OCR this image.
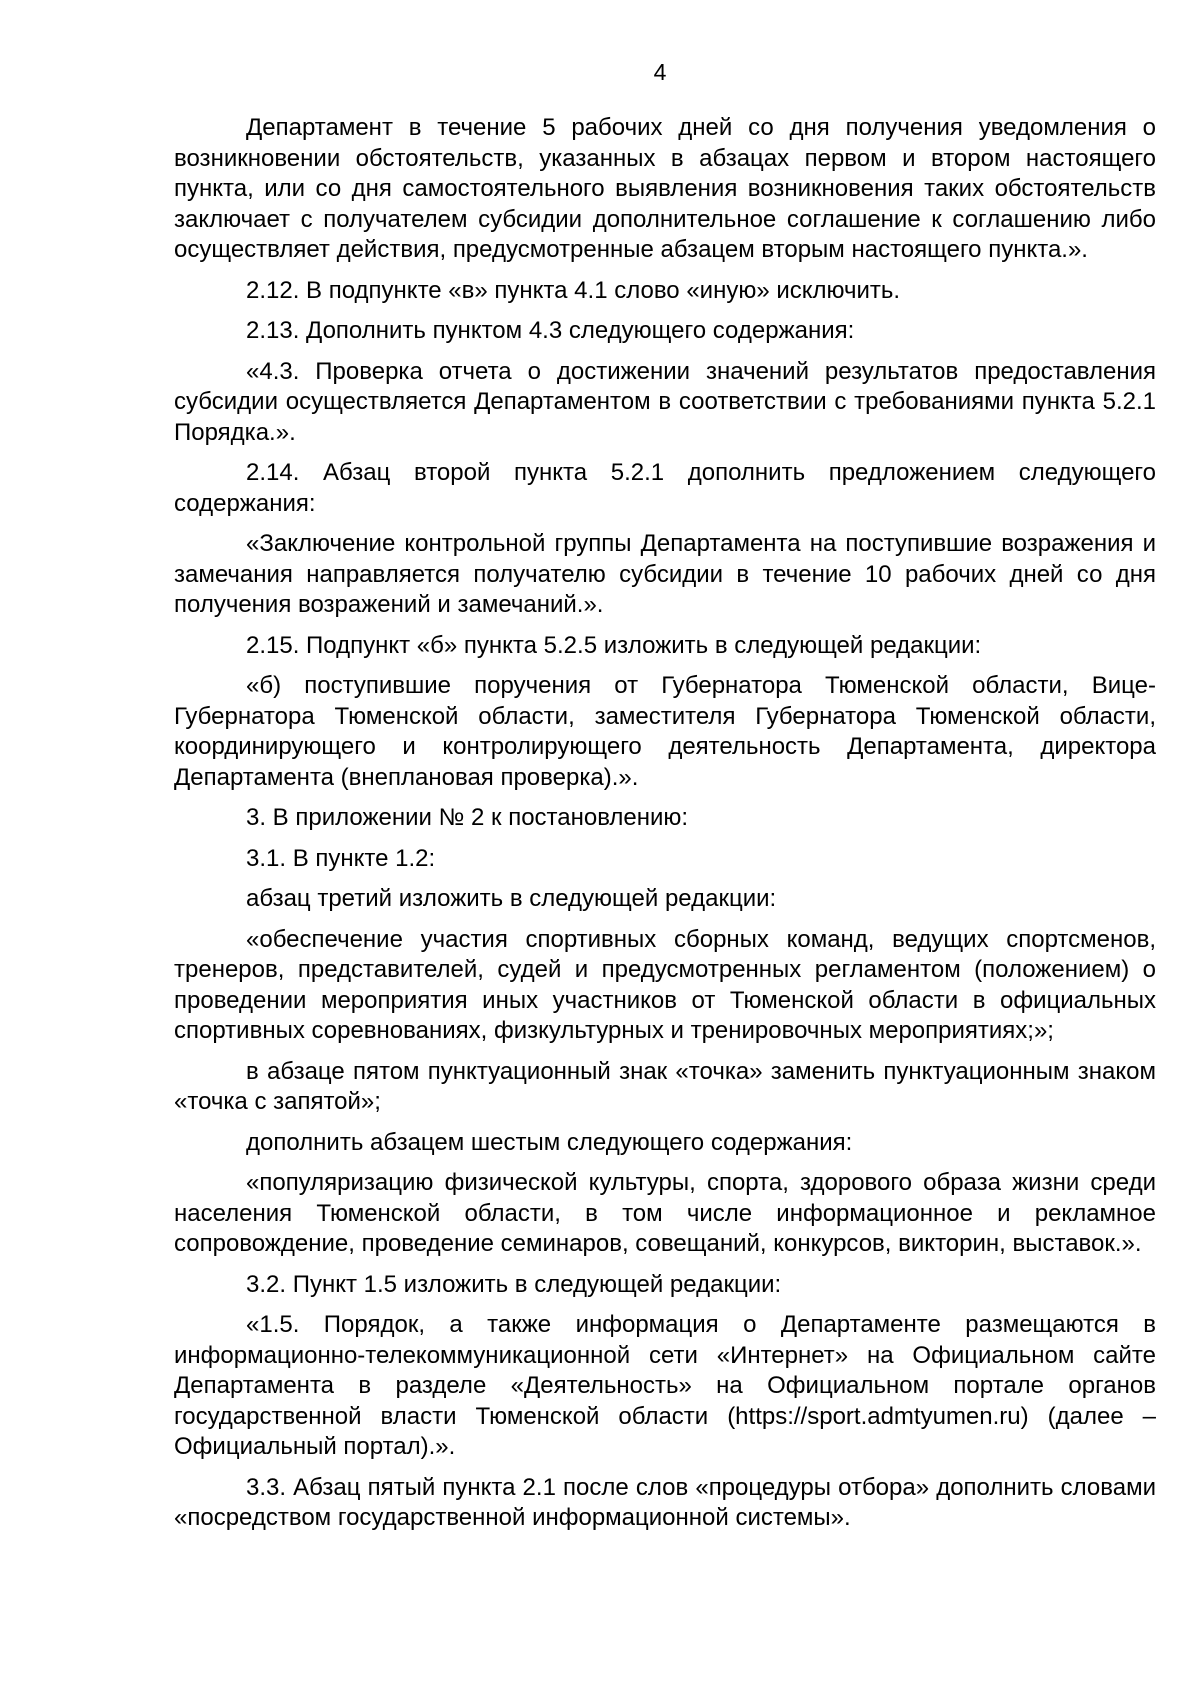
4

Департамент в течение 5 рабочих дней со дня получения уведомления о возникновении обстоятельств, указанных в абзацах первом и втором настоящего пункта, или со дня самостоятельного выявления возникновения таких обстоятельств заключает с получателем субсидии дополнительное соглашение к соглашению либо осуществляет действия, предусмотренные абзацем вторым настоящего пункта.».

2.12. В подпункте «в» пункта 4.1 слово «иную» исключить.

2.13. Дополнить пунктом 4.3 следующего содержания:

«4.3. Проверка отчета о достижении значений результатов предоставления субсидии осуществляется Департаментом в соответствии с требованиями пункта 5.2.1 Порядка.».

2.14. Абзац второй пункта 5.2.1 дополнить предложением следующего содержания:

«Заключение контрольной группы Департамента на поступившие возражения и замечания направляется получателю субсидии в течение 10 рабочих дней со дня получения возражений и замечаний.».

2.15. Подпункт «б» пункта 5.2.5 изложить в следующей редакции:

«б) поступившие поручения от Губернатора Тюменской области, Вице-Губернатора Тюменской области, заместителя Губернатора Тюменской области, координирующего и контролирующего деятельность Департамента, директора Департамента (внеплановая проверка).».

3. В приложении № 2 к постановлению:

3.1. В пункте 1.2:

абзац третий изложить в следующей редакции:

«обеспечение участия спортивных сборных команд, ведущих спортсменов, тренеров, представителей, судей и предусмотренных регламентом (положением) о проведении мероприятия иных участников от Тюменской области в официальных спортивных соревнованиях, физкультурных и тренировочных мероприятиях;»;

в абзаце пятом пунктуационный знак «точка» заменить пунктуационным знаком «точка с запятой»;

дополнить абзацем шестым следующего содержания:

«популяризацию физической культуры, спорта, здорового образа жизни среди населения Тюменской области, в том числе информационное и рекламное сопровождение, проведение семинаров, совещаний, конкурсов, викторин, выставок.».

3.2. Пункт 1.5 изложить в следующей редакции:

«1.5. Порядок, а также информация о Департаменте размещаются в информационно-телекоммуникационной сети «Интернет» на Официальном сайте Департамента в разделе «Деятельность» на Официальном портале органов государственной власти Тюменской области (https://sport.admtyumen.ru) (далее – Официальный портал).».

3.3. Абзац пятый пункта 2.1 после слов «процедуры отбора» дополнить словами «посредством государственной информационной системы».
